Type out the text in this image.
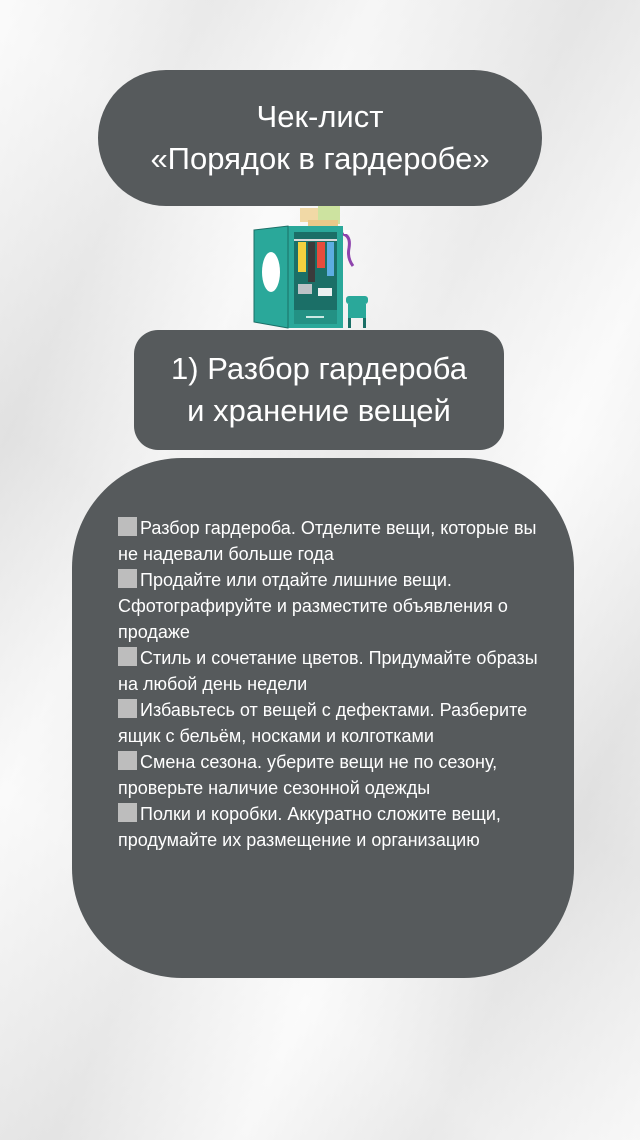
Чек-лист
«Порядок в гардеробе»
1) Разбор гардероба
и хранение вещей
Разбор гардероба. Отделите вещи, которые вы не надевали больше года
Продайте или отдайте лишние вещи. Сфотографируйте и разместите объявления о продаже
Стиль и сочетание цветов. Придумайте образы на любой день недели
Избавьтесь от вещей с дефектами. Разберите ящик с бельём, носками и колготками
Смена сезона. уберите вещи не по сезону, проверьте наличие сезонной одежды
Полки и коробки. Аккуратно сложите вещи, продумайте их размещение и организацию
